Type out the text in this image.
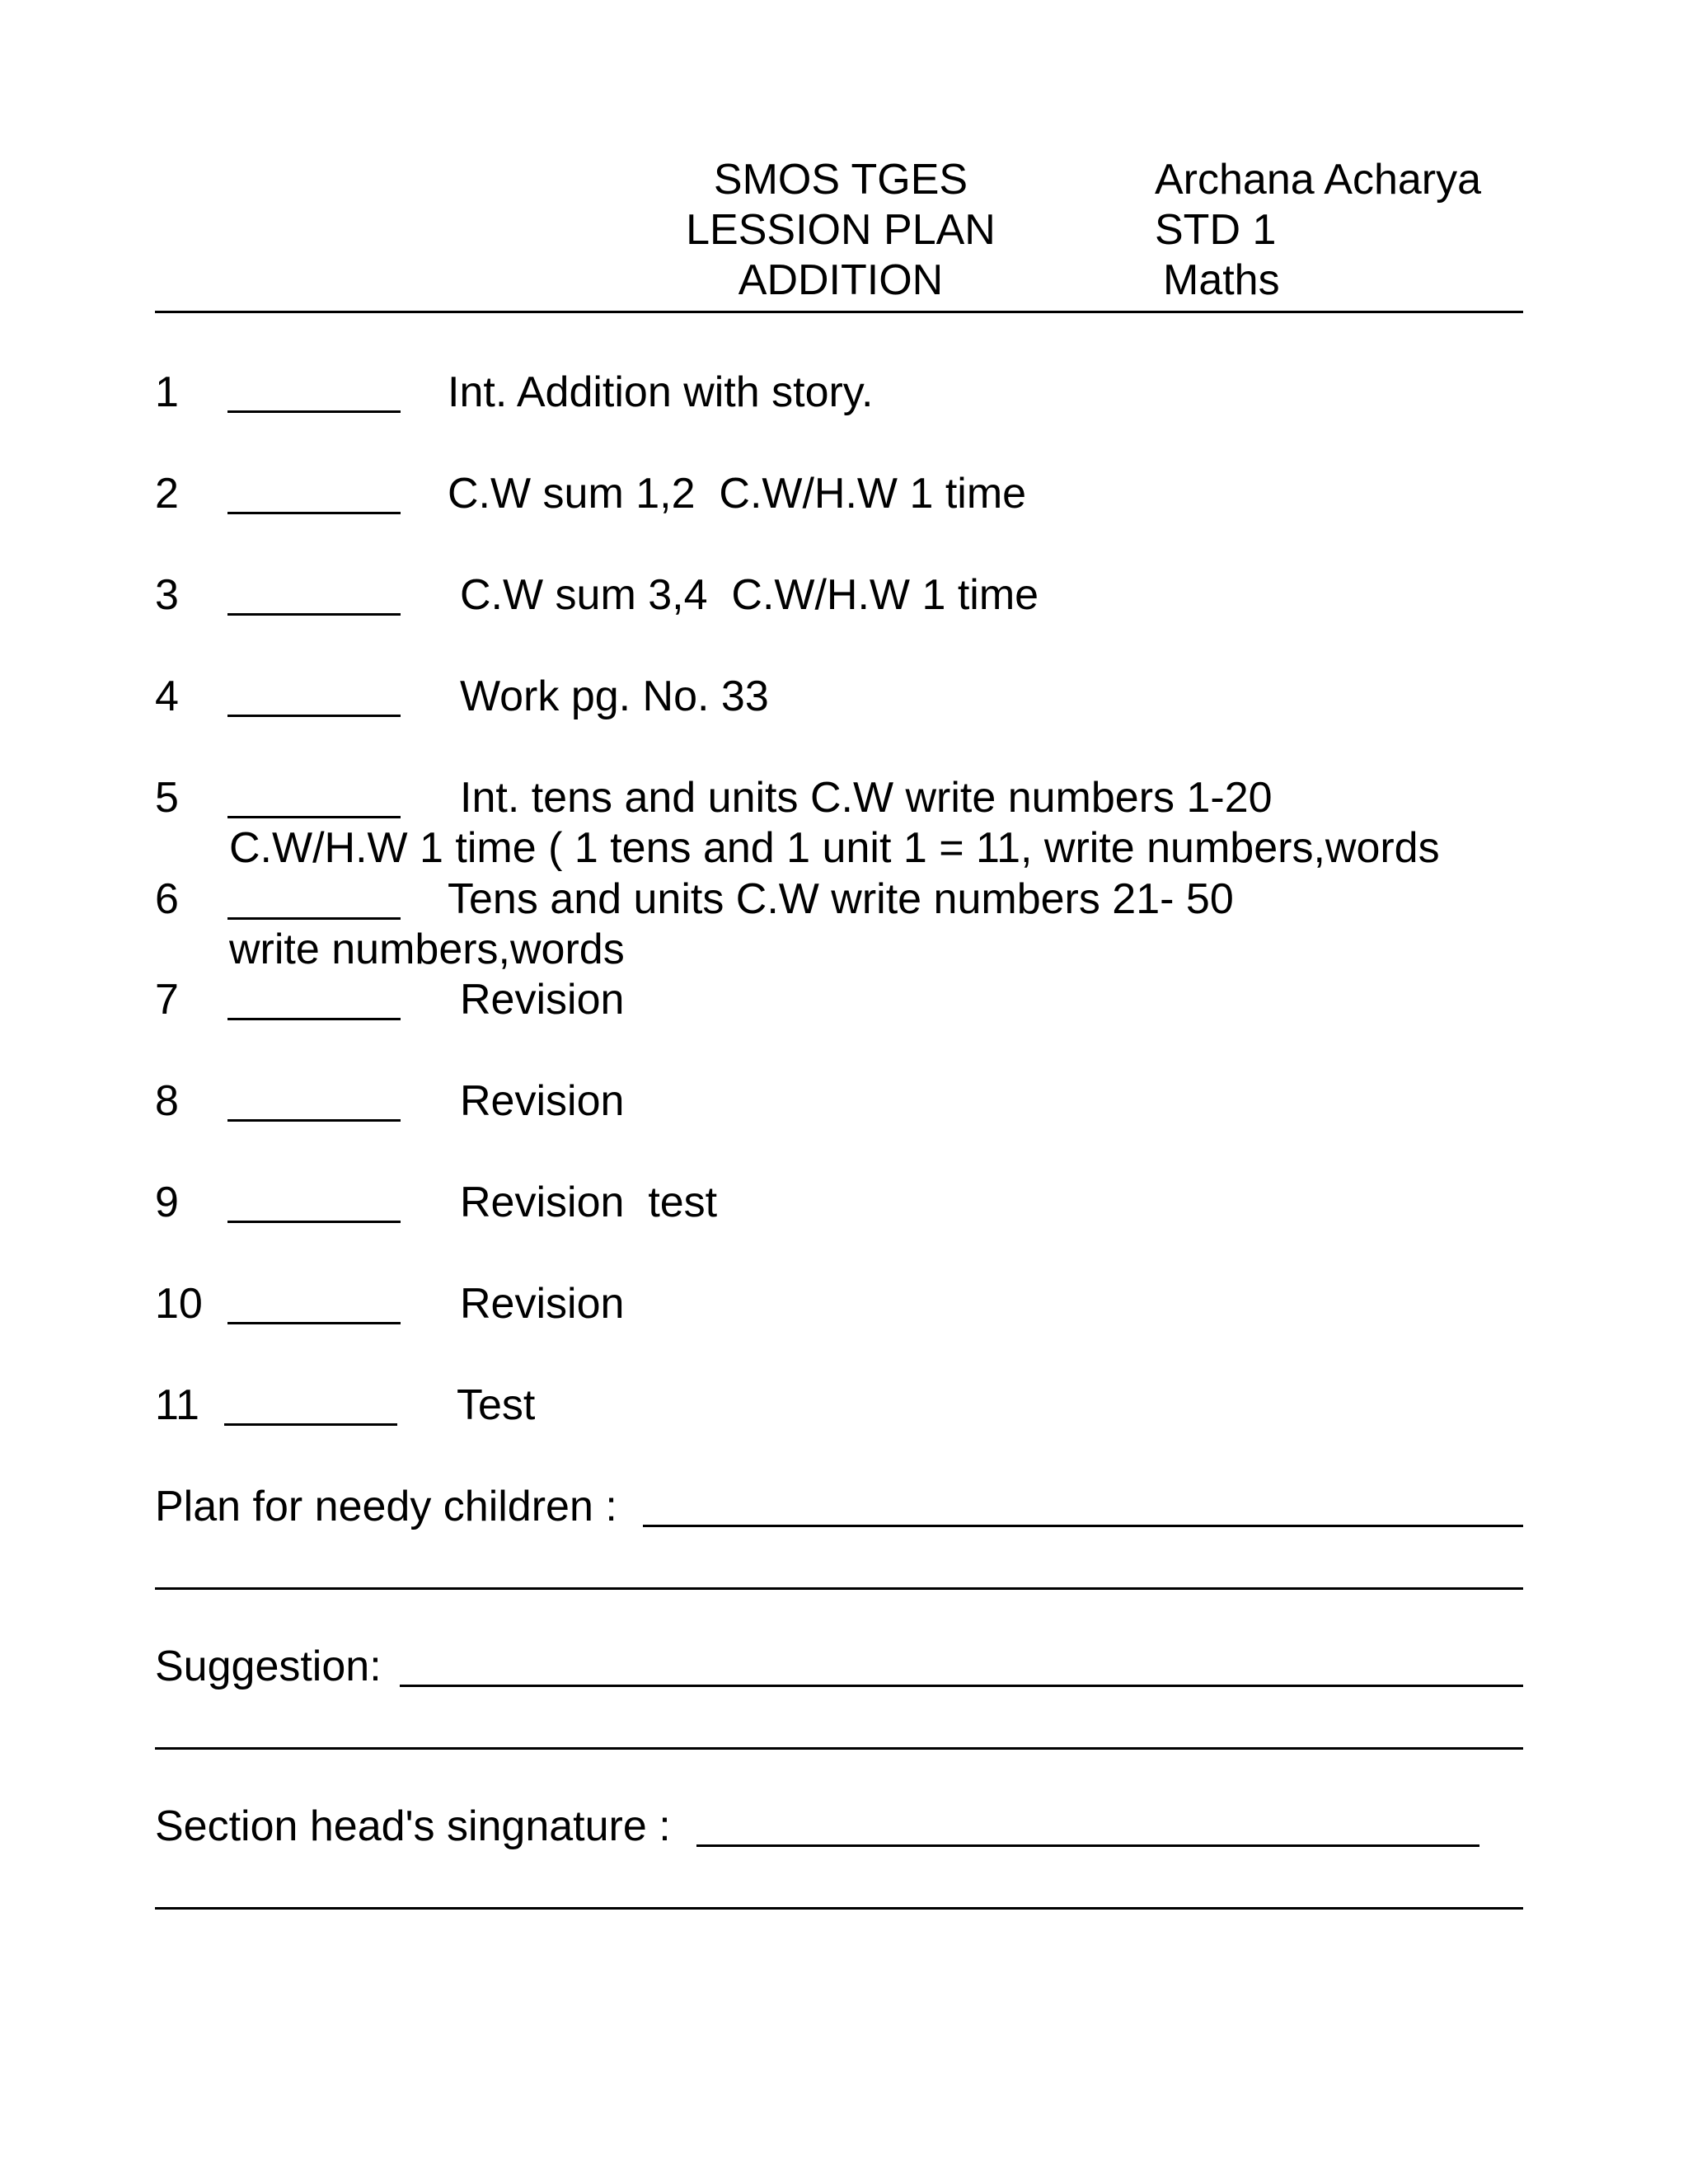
SMOS TGES
LESSION PLAN
ADDITION
Archana Acharya
STD 1
Maths
1	Int. Addition with story.
2	C.W sum 1,2  C.W/H.W 1 time
3	C.W sum 3,4  C.W/H.W 1 time
4	Work pg. No. 33
5	Int. tens and units C.W write numbers 1-20
C.W/H.W 1 time ( 1 tens and 1 unit 1 = 11, write numbers,words
6	Tens and units C.W write numbers 21- 50
write numbers,words
7	Revision
8	Revision
9	Revision  test
10	Revision
11	Test
Plan for needy children :
Suggestion:
Section head's singnature :
